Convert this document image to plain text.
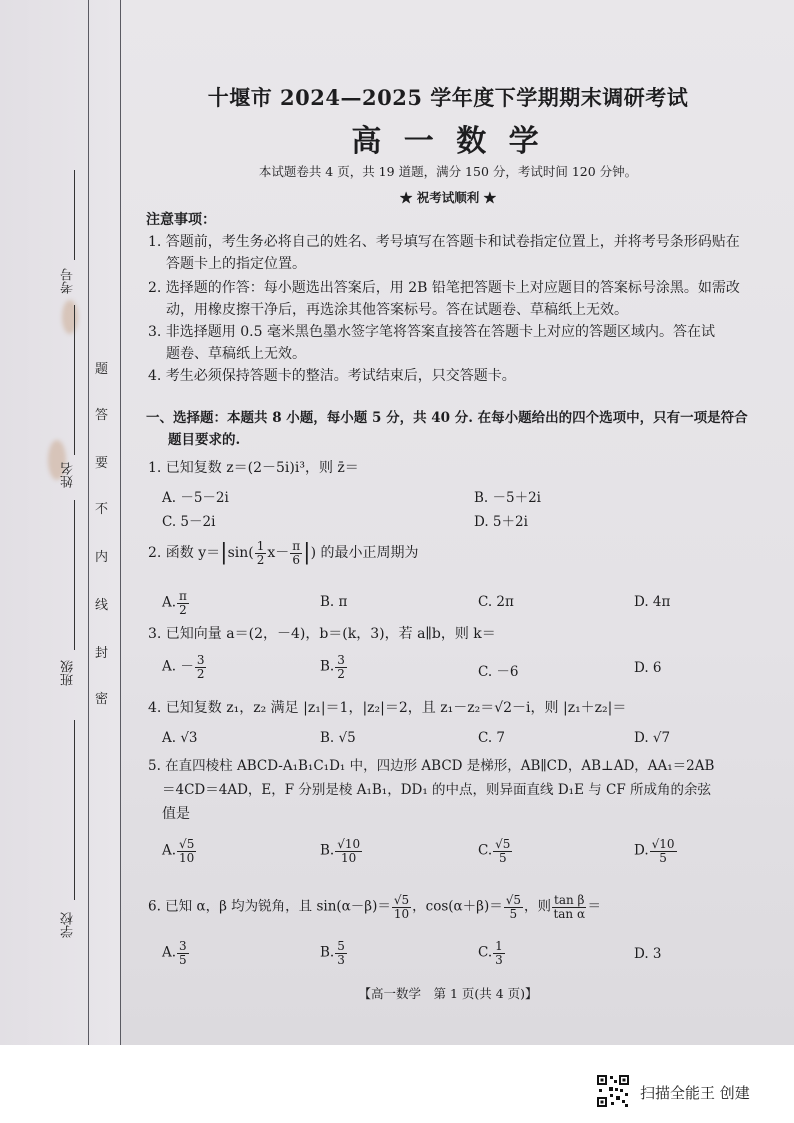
考号
姓名
班级
学校
题
答
要
不
内
线
封
密
十堰市 2024—2025 学年度下学期期末调研考试
高 一 数 学
本试题卷共 4 页，共 19 道题，满分 150 分，考试时间 120 分钟。
★ 祝考试顺利 ★
注意事项：
1. 答题前，考生务必将自己的姓名、考号填写在答题卡和试卷指定位置上，并将考号条形码贴在
答题卡上的指定位置。
2. 选择题的作答：每小题选出答案后，用 2B 铅笔把答题卡上对应题目的答案标号涂黑。如需改
动，用橡皮擦干净后，再选涂其他答案标号。答在试题卷、草稿纸上无效。
3. 非选择题用 0.5 毫米黑色墨水签字笔将答案直接答在答题卡上对应的答题区域内。答在试
题卷、草稿纸上无效。
4. 考生必须保持答题卡的整洁。考试结束后，只交答题卡。
一、选择题：本题共 8 小题，每小题 5 分，共 40 分. 在每小题给出的四个选项中，只有一项是符合
题目要求的.
1. 已知复数 z＝(2－5i)i³，则 z̄＝
A. －5－2i	B. －5＋2i
C. 5－2i	D. 5＋2i
2. 函数 $y=|\sin( \frac{1}{2} x- \frac{\pi}{6}$ |) 的最小正周期为
A. $\frac{\pi}{2}$	B. π	C. 2π	D. 4π
3. 已知向量 a＝(2，－4)，b＝(k，3)，若 a∥b，则 k＝
A. － $\frac{3}{2}$	B. $\frac{3}{2}$	C. －6	D. 6
4. 已知复数 z₁，z₂ 满足 |z₁|＝1，|z₂|＝2，且 z₁－z₂＝√2－i，则 |z₁＋z₂|＝
A. √3	B. √5	C. 7	D. √7
5. 在直四棱柱 ABCD-A₁B₁C₁D₁ 中，四边形 ABCD 是梯形，AB∥CD，AB⊥AD，AA₁＝2AB
＝4CD＝4AD，E，F 分别是棱 A₁B₁，DD₁ 的中点，则异面直线 D₁E 与 CF 所成角的余弦
值是
A. $\frac{√5}{10}$	B. $\frac{√10}{10}$	C. $\frac{√5}{5}$	D. $\frac{√10}{5}$
6. 已知 α，β 均为锐角，且 $\sin(\alpha-\beta)= \frac{√5}{10}$ ，$\cos(\alpha+\beta)= \frac{√5}{5}$ ，则 $\frac{\text{tan β}}{\text{tan α}}$ ＝
A. $\frac{3}{5}$	B. $\frac{5}{3}$	C. $\frac{1}{3}$	D. 3
【高一数学　第 1 页(共 4 页)】
扫描全能王 创建
